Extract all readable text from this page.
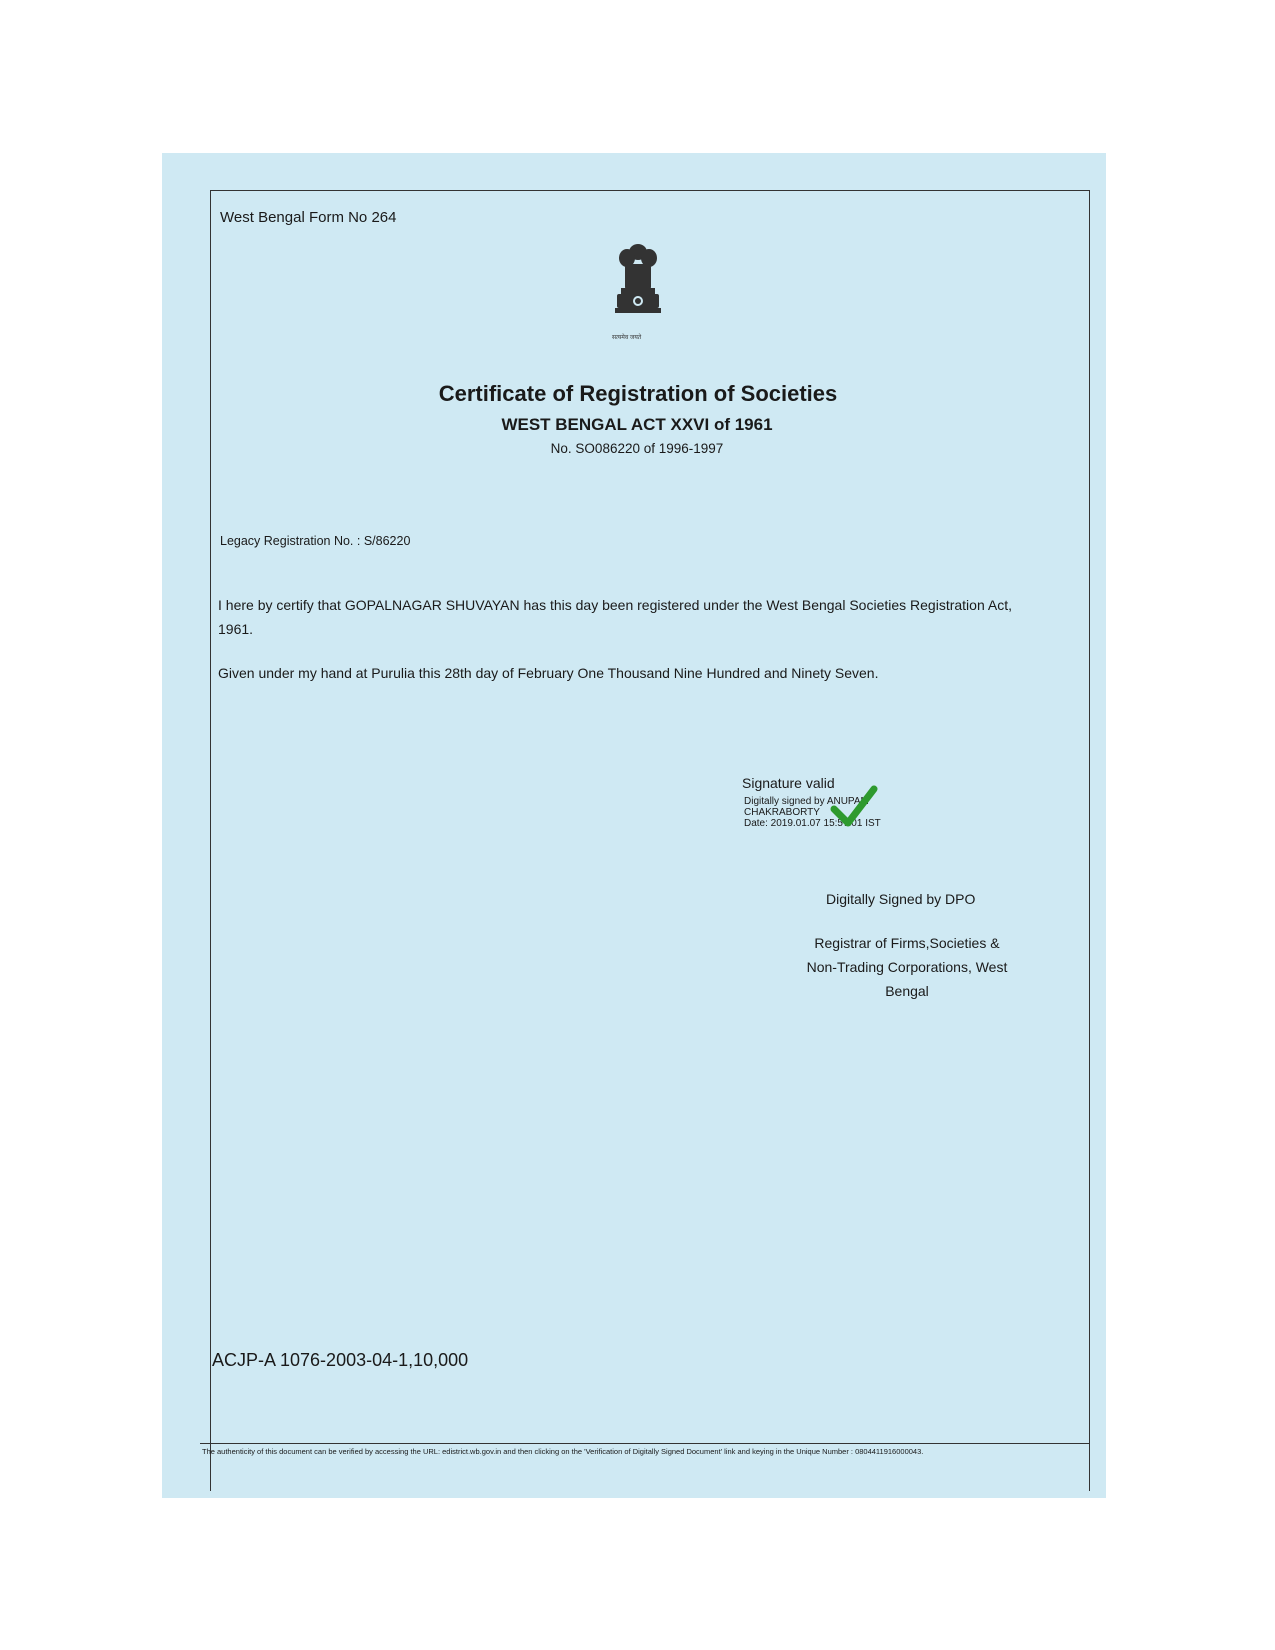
West Bengal Form No 264
सत्यमेव जयते
Certificate of Registration of Societies
WEST BENGAL ACT XXVI of 1961
No. SO086220 of 1996-1997
Legacy Registration No. : S/86220
I here by certify that GOPALNAGAR SHUVAYAN has this day been registered under the West Bengal Societies Registration Act, 1961.
Given under my hand at Purulia this 28th day of February One Thousand Nine Hundred and Ninety Seven.
Signature valid
Digitally signed by ANUPAM
CHAKRABORTY
Date: 2019.01.07 15:57:01 IST
Digitally Signed by DPO
Registrar of Firms,Societies & Non-Trading Corporations, West Bengal
ACJP-A 1076-2003-04-1,10,000
The authenticity of this document can be verified by accessing the URL: edistrict.wb.gov.in and then clicking on the 'Verification of Digitally Signed Document' link and keying in the Unique Number : 0804411916000043.
